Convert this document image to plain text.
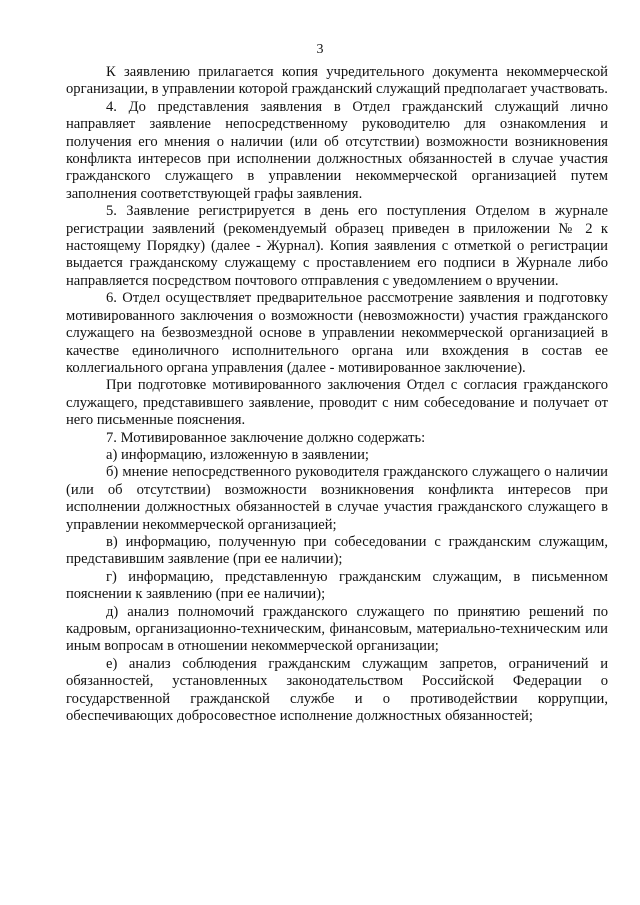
3

К заявлению прилагается копия учредительного документа некоммерческой организации, в управлении которой гражданский служащий предполагает участвовать.

4. До представления заявления в Отдел гражданский служащий лично направляет заявление непосредственному руководителю для ознакомления и получения его мнения о наличии (или об отсутствии) возможности возникновения конфликта интересов при исполнении должностных обязанностей в случае участия гражданского служащего в управлении некоммерческой организацией путем заполнения соответствующей графы заявления.

5. Заявление регистрируется в день его поступления Отделом в журнале регистрации заявлений (рекомендуемый образец приведен в приложении № 2 к настоящему Порядку) (далее - Журнал). Копия заявления с отметкой о регистрации выдается гражданскому служащему с проставлением его подписи в Журнале либо направляется посредством почтового отправления с уведомлением о вручении.

6. Отдел осуществляет предварительное рассмотрение заявления и подготовку мотивированного заключения о возможности (невозможности) участия гражданского служащего на безвозмездной основе в управлении некоммерческой организацией в качестве единоличного исполнительного органа или вхождения в состав ее коллегиального органа управления (далее - мотивированное заключение).

При подготовке мотивированного заключения Отдел с согласия гражданского служащего, представившего заявление, проводит с ним собеседование и получает от него письменные пояснения.

7. Мотивированное заключение должно содержать:

а) информацию, изложенную в заявлении;

б) мнение непосредственного руководителя гражданского служащего о наличии (или об отсутствии) возможности возникновения конфликта интересов при исполнении должностных обязанностей в случае участия гражданского служащего в управлении некоммерческой организацией;

в) информацию, полученную при собеседовании с гражданским служащим, представившим заявление (при ее наличии);

г) информацию, представленную гражданским служащим, в письменном пояснении к заявлению (при ее наличии);

д) анализ полномочий гражданского служащего по принятию решений по кадровым, организационно-техническим, финансовым, материально-техническим или иным вопросам в отношении некоммерческой организации;

е) анализ соблюдения гражданским служащим запретов, ограничений и обязанностей, установленных законодательством Российской Федерации о государственной гражданской службе и о противодействии коррупции, обеспечивающих добросовестное исполнение должностных обязанностей;
